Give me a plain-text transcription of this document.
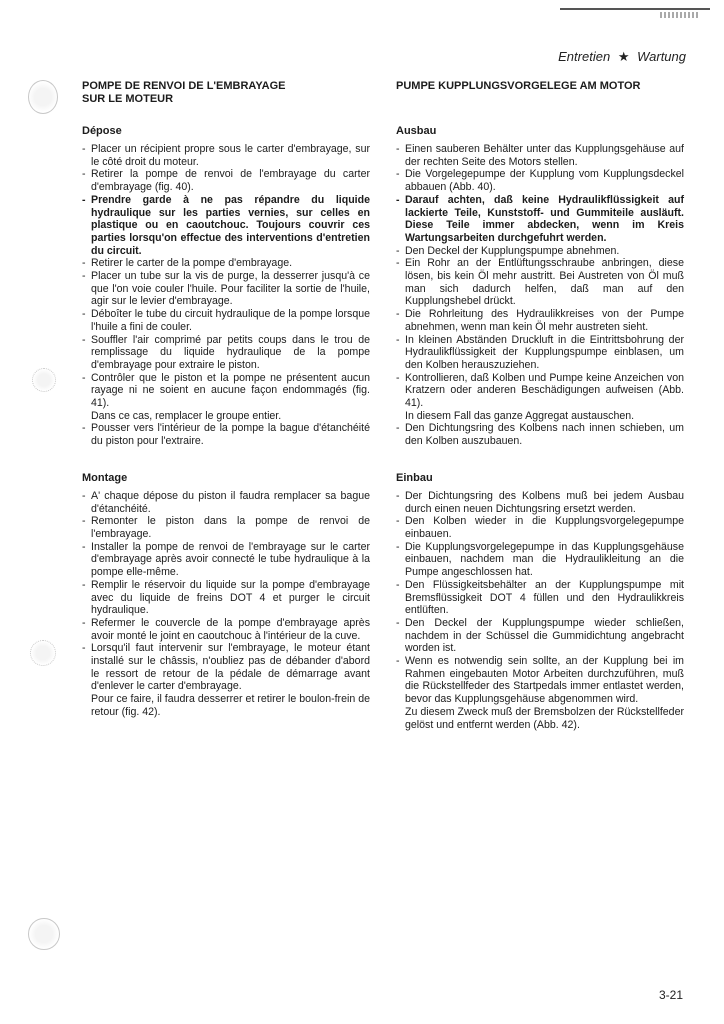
Entretien ★ Wartung
POMPE DE RENVOI DE L'EMBRAYAGE
SUR LE MOTEUR
Dépose
- Placer un récipient propre sous le carter d'embrayage, sur le côté droit du moteur.
- Retirer la pompe de renvoi de l'embrayage du carter d'embrayage (fig. 40).
- Prendre garde à ne pas répandre du liquide hydraulique sur les parties vernies, sur celles en plastique ou en caoutchouc. Toujours couvrir ces parties lorsqu'on effectue des interventions d'entretien du circuit.
- Retirer le carter de la pompe d'embrayage.
- Placer un tube sur la vis de purge, la desserrer jusqu'à ce que l'on voie couler l'huile. Pour faciliter la sortie de l'huile, agir sur le levier d'embrayage.
- Déboîter le tube du circuit hydraulique de la pompe lorsque l'huile a fini de couler.
- Souffler l'air comprimé par petits coups dans le trou de remplissage du liquide hydraulique de la pompe d'embrayage pour extraire le piston.
- Contrôler que le piston et la pompe ne présentent aucun rayage ni ne soient en aucune façon endommagés (fig. 41).
Dans ce cas, remplacer le groupe entier.
- Pousser vers l'intérieur de la pompe la bague d'étanchéité du piston pour l'extraire.
Montage
- A' chaque dépose du piston il faudra remplacer sa bague d'étanchéité.
- Remonter le piston dans la pompe de renvoi de l'embrayage.
- Installer la pompe de renvoi de l'embrayage sur le carter d'embrayage après avoir connecté le tube hydraulique à la pompe elle-même.
- Remplir le réservoir du liquide sur la pompe d'embrayage avec du liquide de freins DOT 4 et purger le circuit hydraulique.
- Refermer le couvercle de la pompe d'embrayage après avoir monté le joint en caoutchouc à l'intérieur de la cuve.
- Lorsqu'il faut intervenir sur l'embrayage, le moteur étant installé sur le châssis, n'oubliez pas de débander d'abord le ressort de retour de la pédale de démarrage avant d'enlever le carter d'embrayage.
Pour ce faire, il faudra desserrer et retirer le boulon-frein de retour (fig. 42).
PUMPE KUPPLUNGSVORGELEGE AM MOTOR

Ausbau
- Einen sauberen Behälter unter das Kupplungsgehäuse auf der rechten Seite des Motors stellen.
- Die Vorgelegepumpe der Kupplung vom Kupplungsdeckel abbauen (Abb. 40).
- Darauf achten, daß keine Hydraulikflüssigkeit auf lackierte Teile, Kunststoff- und Gummiteile ausläuft. Diese Teile immer abdecken, wenn im Kreis Wartungsarbeiten durchgefuhrt werden.
- Den Deckel der Kupplungspumpe abnehmen.
- Ein Rohr an der Entlüftungsschraube anbringen, diese lösen, bis kein Öl mehr austritt. Bei Austreten von Öl muß man sich dadurch helfen, daß man auf den Kupplungshebel drückt.
- Die Rohrleitung des Hydraulikkreises von der Pumpe abnehmen, wenn man kein Öl mehr austreten sieht.
- In kleinen Abständen Druckluft in die Eintrittsbohrung der Hydraulikflüssigkeit der Kupplungspumpe einblasen, um den Kolben herauszuziehen.
- Kontrollieren, daß Kolben und Pumpe keine Anzeichen von Kratzern oder anderen Beschädigungen aufweisen (Abb. 41).
In diesem Fall das ganze Aggregat austauschen.
- Den Dichtungsring des Kolbens nach innen schieben, um den Kolben auszubauen.
Einbau
- Der Dichtungsring des Kolbens muß bei jedem Ausbau durch einen neuen Dichtungsring ersetzt werden.
- Den Kolben wieder in die Kupplungsvorgelegepumpe einbauen.
- Die Kupplungsvorgelegepumpe in das Kupplungsgehäuse einbauen, nachdem man die Hydraulikleitung an die Pumpe angeschlossen hat.
- Den Flüssigkeitsbehälter an der Kupplungspumpe mit Bremsflüssigkeit DOT 4 füllen und den Hydraulikkreis entlüften.
- Den Deckel der Kupplungspumpe wieder schließen, nachdem in der Schüssel die Gummidichtung angebracht worden ist.
- Wenn es notwendig sein sollte, an der Kupplung bei im Rahmen eingebauten Motor Arbeiten durchzuführen, muß die Rückstellfeder des Startpedals immer entlastet werden, bevor das Kupplungsgehäuse abgenommen wird.
Zu diesem Zweck muß der Bremsbolzen der Rückstellfeder gelöst und entfernt werden (Abb. 42).
3-21
